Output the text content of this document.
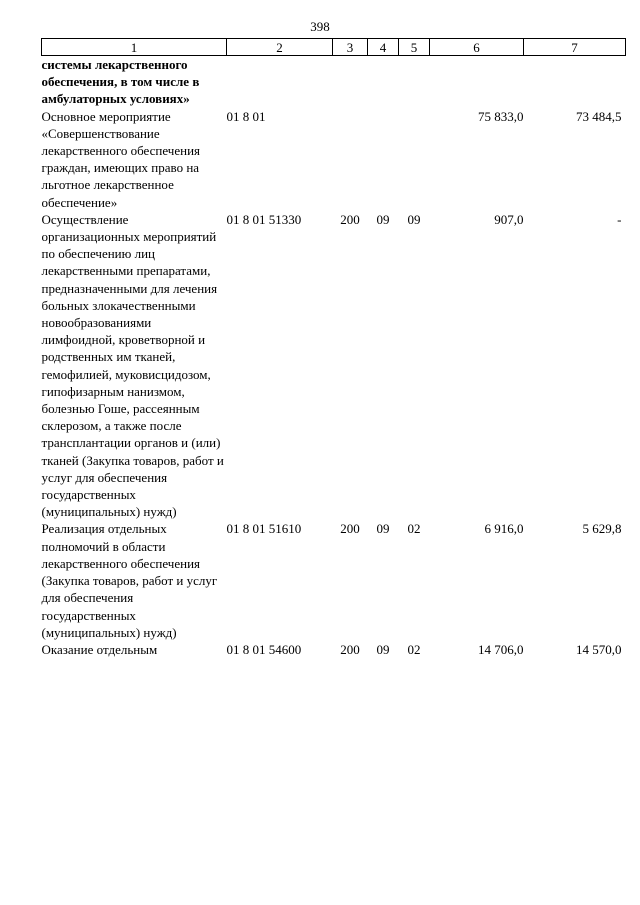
398
1	2	3	4	5	6	7
системы лекарственного обеспечения, в том числе в амбулаторных условиях»						
Основное мероприятие «Совершенствование лекарственного обеспечения граждан, имеющих право на льготное лекарственное обеспечение»	01 8 01				75 833,0	73 484,5
Осуществление организационных мероприятий по обеспечению лиц лекарственными препаратами, предназначенными для лечения больных злокачественными новообразованиями лимфоидной, кроветворной и родственных им тканей, гемофилией, муковисцидозом, гипофизарным нанизмом, болезнью Гоше, рассеянным склерозом, а также после трансплантации органов и (или) тканей (Закупка товаров, работ и услуг для обеспечения государственных (муниципальных) нужд)	01 8 01 51330	200	09	09	907,0	-
Реализация отдельных полномочий в области лекарственного обеспечения (Закупка товаров, работ и услуг для обеспечения государственных (муниципальных) нужд)	01 8 01 51610	200	09	02	6 916,0	5 629,8
Оказание отдельным	01 8 01 54600	200	09	02	14 706,0	14 570,0
